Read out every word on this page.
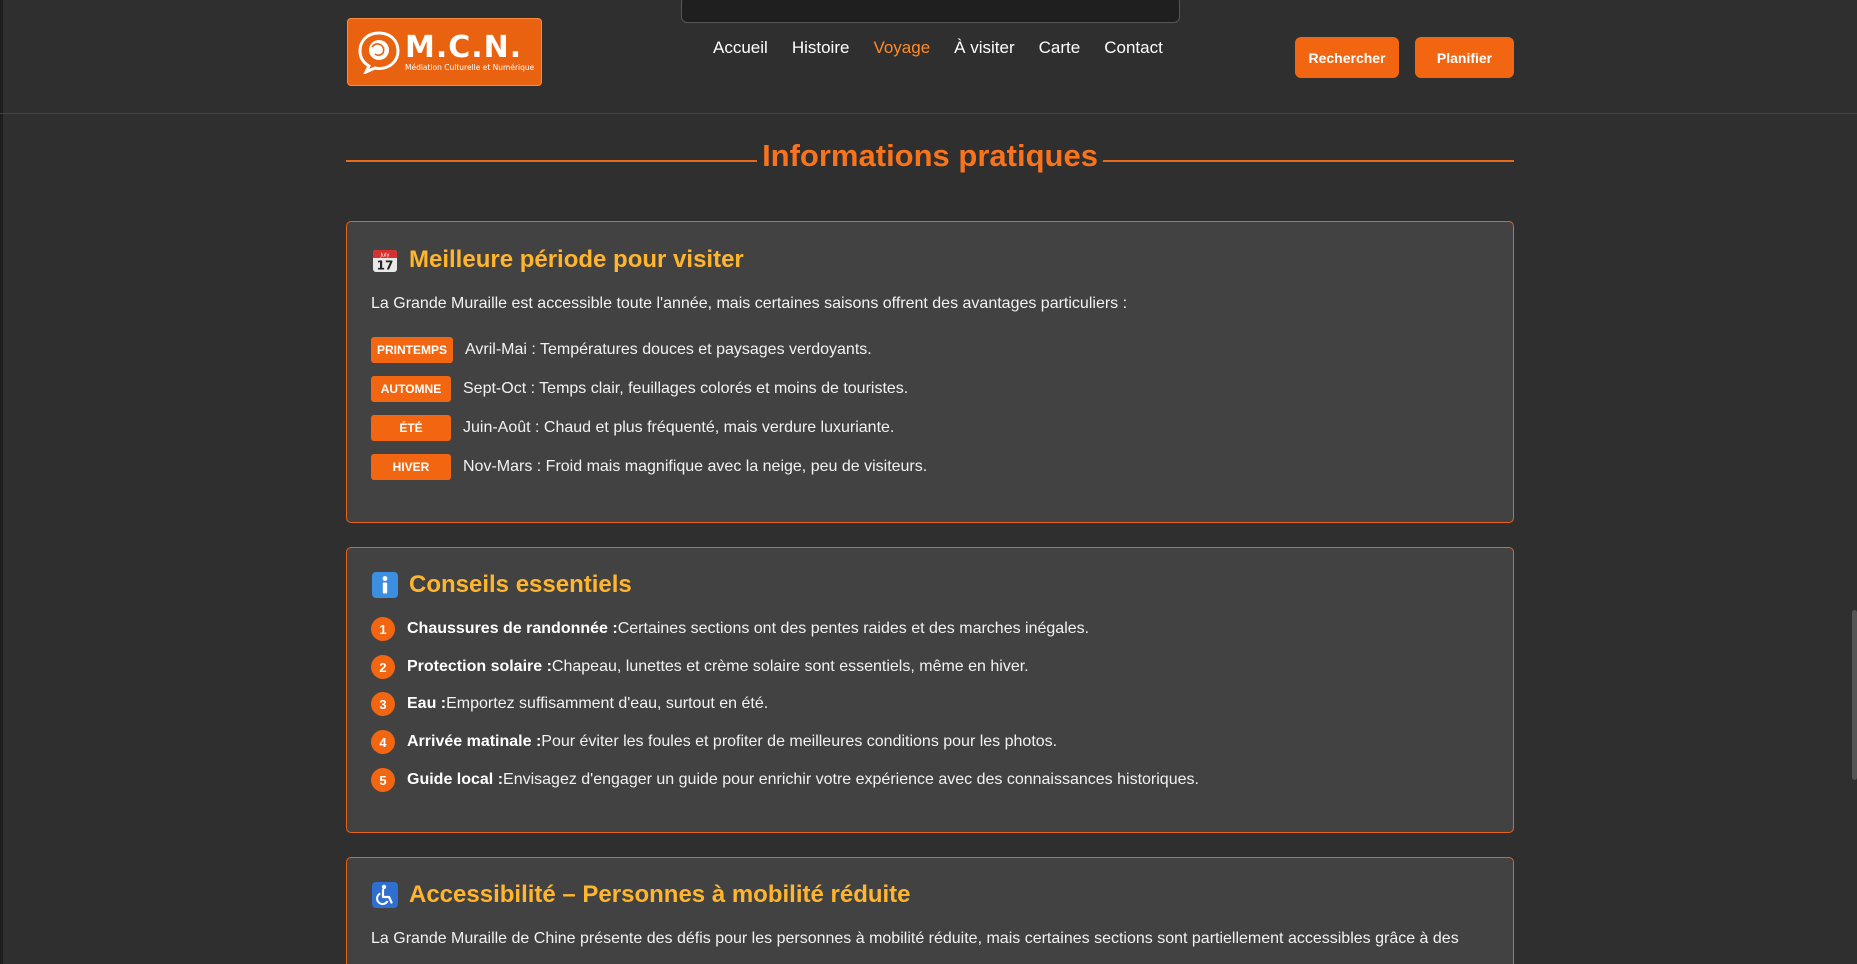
M.C.N.
Médiation Culturelle et Numérique
Accueil Histoire Voyage À visiter Carte Contact
Rechercher	Planifier
Informations pratiques
July
17 Meilleure période pour visiter
La Grande Muraille est accessible toute l'année, mais certaines saisons offrent des avantages particuliers :
PRINTEMPS	Avril-Mai : Températures douces et paysages verdoyants.
AUTOMNE	Sept-Oct : Temps clair, feuillages colorés et moins de touristes.
ÉTÉ	Juin-Août : Chaud et plus fréquenté, mais verdure luxuriante.
HIVER	Nov-Mars : Froid mais magnifique avec la neige, peu de visiteurs.
Conseils essentiels
1	Chaussures de randonnée : Certaines sections ont des pentes raides et des marches inégales.
2	Protection solaire : Chapeau, lunettes et crème solaire sont essentiels, même en hiver.
3	Eau : Emportez suffisamment d'eau, surtout en été.
4	Arrivée matinale : Pour éviter les foules et profiter de meilleures conditions pour les photos.
5	Guide local : Envisagez d'engager un guide pour enrichir votre expérience avec des connaissances historiques.
Accessibilité – Personnes à mobilité réduite
La Grande Muraille de Chine présente des défis pour les personnes à mobilité réduite, mais certaines sections sont partiellement accessibles grâce à des
